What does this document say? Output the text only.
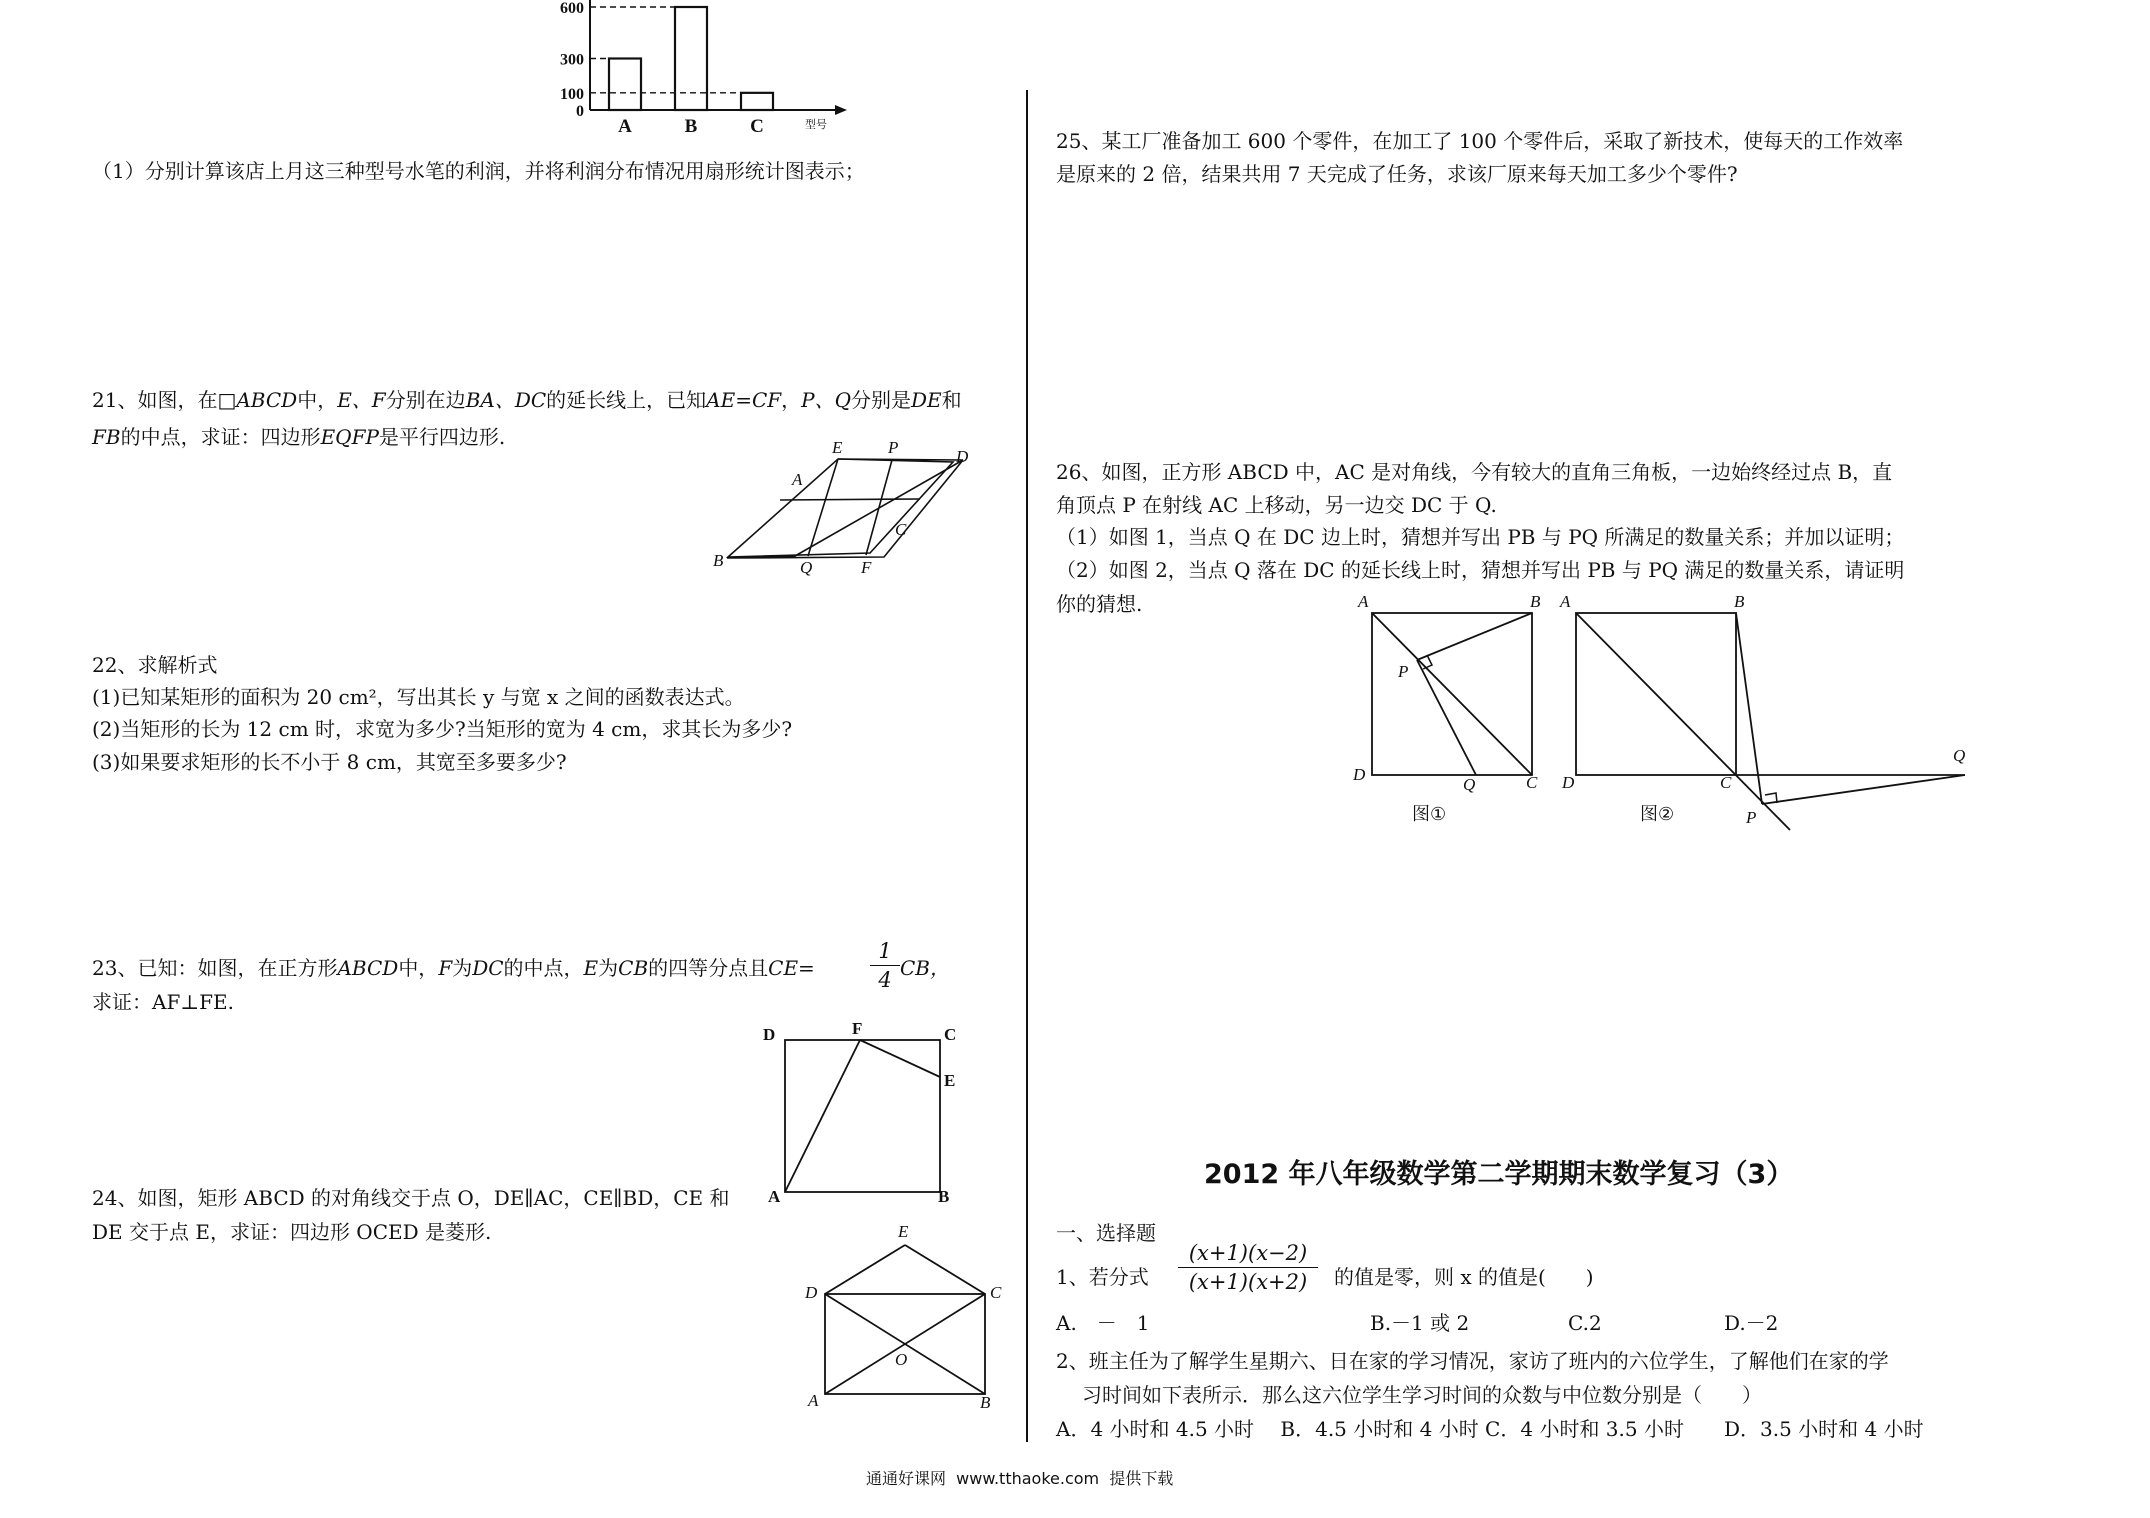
600
300
100
0
A	B	C	型号
（1）分别计算该店上月这三种型号水笔的利润，并将利润分布情况用扇形统计图表示；
21、如图，在□ABCD中，E、F分别在边BA、DC的延长线上，已知AE=CF，P、Q分别是DE和
FB的中点，求证：四边形EQFP是平行四边形.	E	P	D
A
C
B	Q	F
22、求解析式
(1)已知某矩形的面积为 20 cm²，写出其长 y 与宽 x 之间的函数表达式。
(2)当矩形的长为 12 cm 时，求宽为多少?当矩形的宽为 4 cm，求其长为多少?
(3)如果要求矩形的长不小于 8 cm，其宽至多要多少?
23、已知：如图，在正方形ABCD中，F为DC的中点，E为CB的四等分点且CE=	$\frac{1}{4}$ CB，
求证：AF⊥FE.
D	F	C
E
A	B
24、如图，矩形 ABCD 的对角线交于点 O，DE∥AC，CE∥BD，CE 和
DE 交于点 E，求证：四边形 OCED 是菱形.	E
D	C
O
A	B
25、某工厂准备加工 600 个零件，在加工了 100 个零件后，采取了新技术，使每天的工作效率
是原来的 2 倍，结果共用 7 天完成了任务，求该厂原来每天加工多少个零件?
26、如图，正方形 ABCD 中，AC 是对角线，今有较大的直角三角板，一边始终经过点 B，直
角顶点 P 在射线 AC 上移动，另一边交 DC 于 Q.
（1）如图 1，当点 Q 在 DC 边上时，猜想并写出 PB 与 PQ 所满足的数量关系；并加以证明；
（2）如图 2，当点 Q 落在 DC 的延长线上时，猜想并写出 PB 与 PQ 满足的数量关系，请证明
你的猜想.	A	B
P
D
Q	C
图①
A	B
Q
D	C
P
图②
2012 年八年级数学第二学期期末数学复习（3）
一、选择题
1、若分式 $\frac{(x+1)(x-2)}{(x+1)(x+2)}$ 的值是零，则 x 的值是(　　)
A.　－　1	B.－1 或 2	C.2	D.－2
2、班主任为了解学生星期六、日在家的学习情况，家访了班内的六位学生，了解他们在家的学
习时间如下表所示．那么这六位学生学习时间的众数与中位数分别是（　　）
A．4 小时和 4.5 小时　 B．4.5 小时和 4 小时 C．4 小时和 3.5 小时　　D．3.5 小时和 4 小时
通通好课网  www.tthaoke.com  提供下载
